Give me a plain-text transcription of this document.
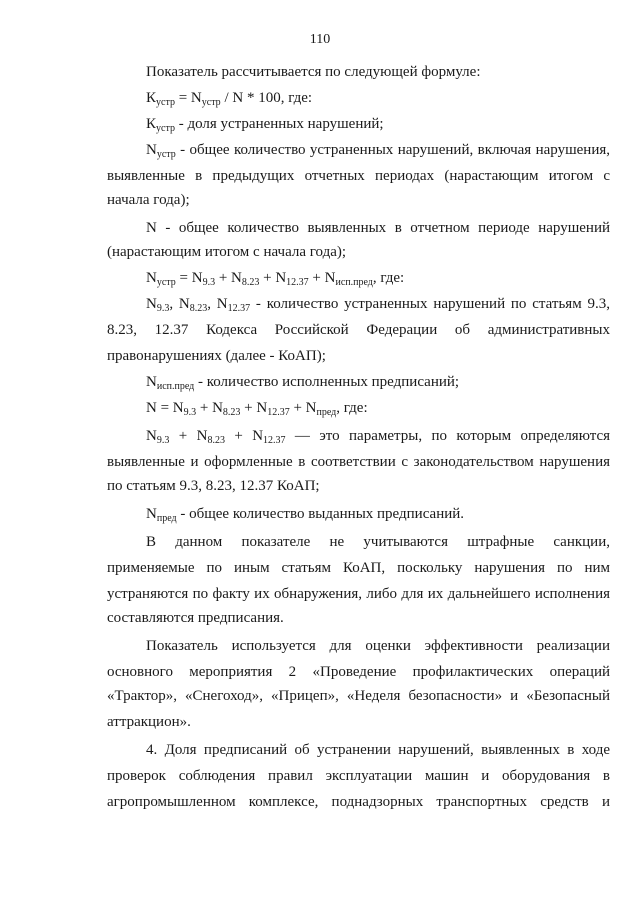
110
Показатель рассчитывается по следующей формуле:
$К_{устр} = N_{устр} / N * 100$, где:
$К_{устр}$ - доля устраненных нарушений;
$N_{устр}$ - общее количество устраненных нарушений, включая нарушения,
выявленные в предыдущих отчетных периодах (нарастающим итогом с
начала года);
N - общее количество выявленных в отчетном периоде нарушений
(нарастающим итогом с начала года);
$N_{устр} = N_{9.3} + N_{8.23} + N_{12.37} + N_{исп.пред}$, где:
$N_{9.3}$, $N_{8.23}$, $N_{12.37}$ - количество устраненных нарушений по статьям 9.3,
8.23, 12.37 Кодекса Российской Федерации об административных
правонарушениях (далее - КоАП);
$N_{исп.пред}$ - количество исполненных предписаний;
$N = N_{9.3} + N_{8.23} + N_{12.37} + N_{пред}$, где:
$N_{9.3} + N_{8.23} + N_{12.37}$ — это параметры, по которым определяются
выявленные и оформленные в соответствии с законодательством нарушения
по статьям 9.3, 8.23, 12.37 КоАП;
$N_{пред}$ - общее количество выданных предписаний.
В данном показателе не учитываются штрафные санкции,
применяемые по иным статьям КоАП, поскольку нарушения по ним
устраняются по факту их обнаружения, либо для их дальнейшего исполнения
составляются предписания.
Показатель используется для оценки эффективности реализации
основного мероприятия 2 «Проведение профилактических операций
«Трактор», «Снегоход», «Прицеп», «Неделя безопасности» и «Безопасный
аттракцион».
4. Доля предписаний об устранении нарушений, выявленных в ходе
проверок соблюдения правил эксплуатации машин и оборудования в
агропромышленном комплексе, поднадзорных транспортных средств и
